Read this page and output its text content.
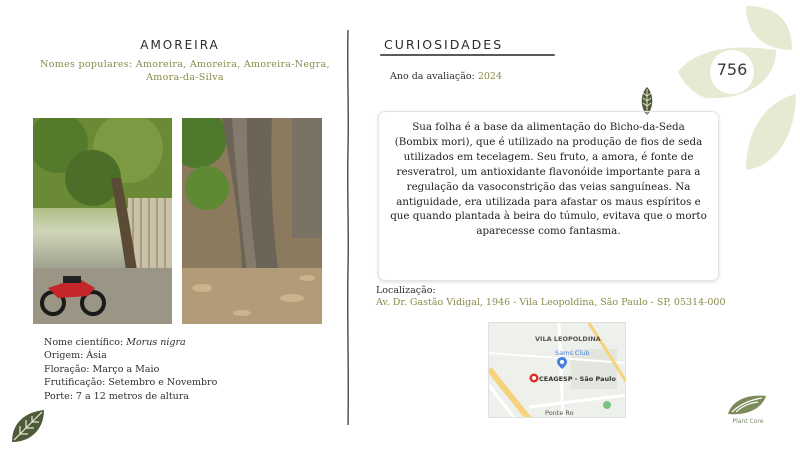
AMOREIRA
Nomes populares: Amoreira, Amoreira, Amoreira-Negra, Amora-da-Silva
Nome científico: Morus nigra
Origem: Ásia
Floração: Março a Maio
Frutificação: Setembro e Novembro
Porte: 7 a 12 metros de altura
CURIOSIDADES
Ano da avaliação: 2024	756
Sua folha é a base da alimentação do Bicho-da-Seda (Bombix mori), que é utilizado na produção de fios de seda utilizados em tecelagem. Seu fruto, a amora, é fonte de resveratrol, um antioxidante flavonóide importante para a regulação da vasoconstrição das veias sanguíneas. Na antiguidade, era utilizada para afastar os maus espíritos e que quando plantada à beira do túmulo, evitava que o morto aparecesse como fantasma.
Localização:
Av. Dr. Gastão Vidigal, 1946 - Vila Leopoldina, São Paulo - SP, 05314-000
VILA LEOPOLDINA
Sams Club
CEAGESP - São Paulo
Ponte Ro
Plant Core
